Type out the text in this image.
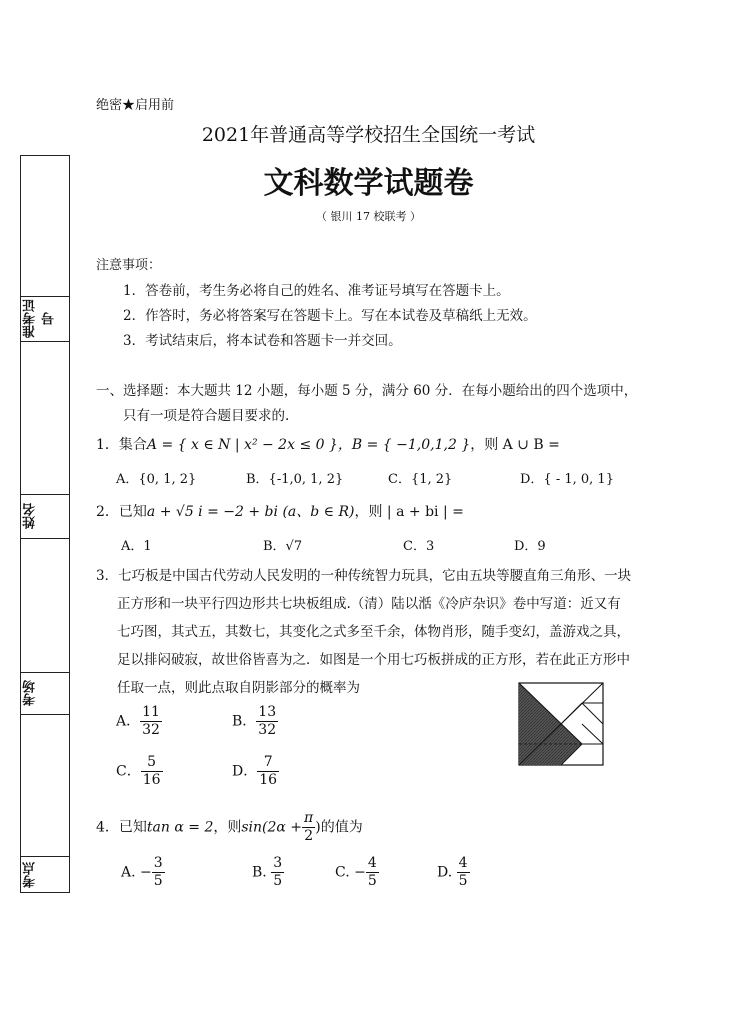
绝密★启用前
2021年普通高等学校招生全国统一考试
文科数学试题卷
（ 银川 17 校联考 ）
准考证号
姓名
考场
考点
注意事项：
1．答卷前，考生务必将自己的姓名、准考证号填写在答题卡上。
2．作答时，务必将答案写在答题卡上。写在本试卷及草稿纸上无效。
3．考试结束后，将本试卷和答题卡一并交回。
一、选择题：本大题共 12 小题，每小题 5 分，满分 60 分．在每小题给出的四个选项中，
只有一项是符合题目要求的.
1．集合A = { x ∈ N | x² − 2x ≤ 0 }，B = { −1,0,1,2 }，则 A ∪ B =
A．{0, 1, 2}	B．{-1,0, 1, 2}	C．{1, 2}	D．{ - 1, 0, 1}
2．已知a + √5 i = −2 + bi (a、b ∈ R)，则 | a + bi | =
A．1	B．√7	C．3	D．9
3．七巧板是中国古代劳动人民发明的一种传统智力玩具，它由五块等腰直角三角形、一块
正方形和一块平行四边形共七块板组成.（清）陆以湉《冷庐杂识》卷中写道：近又有
七巧图，其式五，其数七，其变化之式多至千余，体物肖形，随手变幻，盖游戏之具，
足以排闷破寂，故世俗皆喜为之．如图是一个用七巧板拼成的正方形，若在此正方形中
任取一点，则此点取自阴影部分的概率为
A． $\frac{11}{32}$	B． $\frac{13}{32}$
C． $\frac{5}{16}$	D． $\frac{7}{16}$
4．已知tan α = 2，则$\sin(2\alpha + \frac{\pi}{2}$ )的值为
A. − $\frac{3}{5}$	B. $\frac{3}{5}$	C. − $\frac{4}{5}$	D. $\frac{4}{5}$
